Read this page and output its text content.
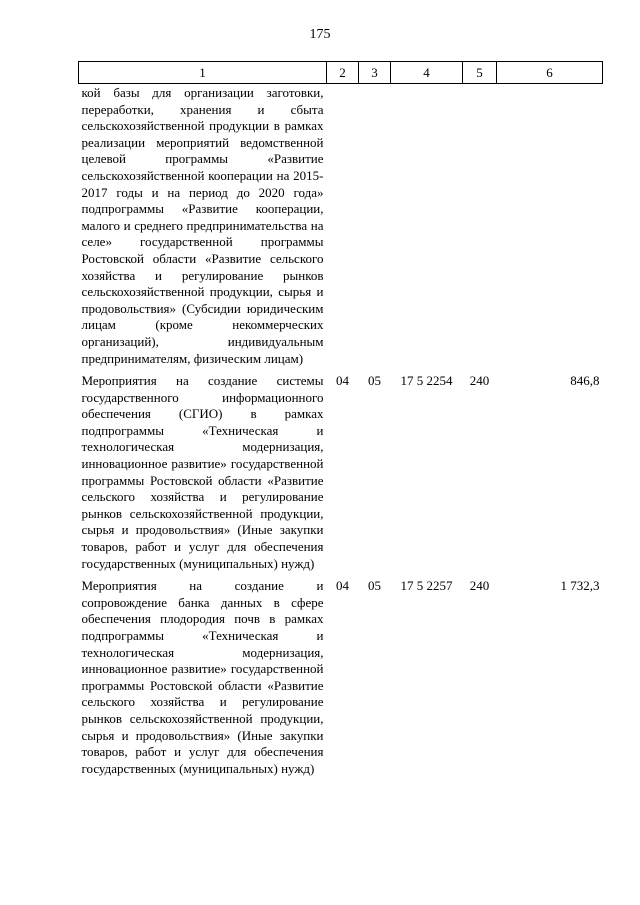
175
1	2	3	4	5	6
кой базы для организации заготовки, переработки, хранения и сбыта сельскохозяйственной продукции в рамках реализации мероприятий ведомственной целевой программы «Развитие сельскохозяйственной кооперации на 2015-2017 годы и на период до 2020 года» подпрограммы «Развитие кооперации, малого и среднего предпринимательства на селе» государственной программы Ростовской области «Развитие сельского хозяйства и регулирование рынков сельскохозяйственной продукции, сырья и продовольствия» (Субсидии юридическим лицам (кроме некоммерческих организаций), индивидуальным предпринимателям, физическим лицам)					
Мероприятия на создание системы государственного информационного обеспечения (СГИО) в рамках подпрограммы «Техническая и технологическая модернизация, инновационное развитие» государственной программы Ростовской области «Развитие сельского хозяйства и регулирование рынков сельскохозяйственной продукции, сырья и продовольствия» (Иные закупки товаров, работ и услуг для обеспечения государственных (муниципальных) нужд)	04	05	17 5 2254	240	846,8
Мероприятия на создание и сопровождение банка данных в сфере обеспечения плодородия почв в рамках подпрограммы «Техническая и технологическая модернизация, инновационное развитие» государственной программы Ростовской области «Развитие сельского хозяйства и регулирование рынков сельскохозяйственной продукции, сырья и продовольствия» (Иные закупки товаров, работ и услуг для обеспечения государственных (муниципальных) нужд)	04	05	17 5 2257	240	1 732,3
